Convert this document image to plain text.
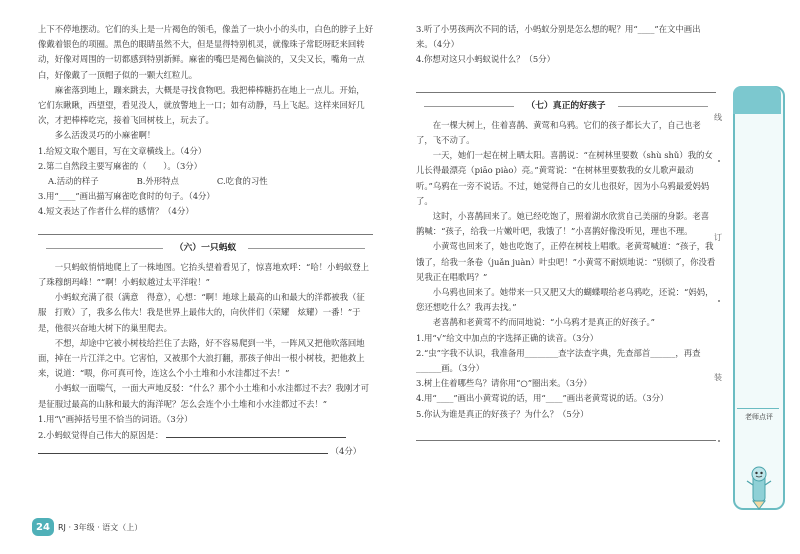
上下不停地摆动。它们的头上是一片褐色的领毛，像盖了一块小小的头巾，白色的脖子上好像戴着银色的项圈。黑色的眼睛虽然不大，但是显得特别机灵，就像珠子常眨呀眨来回转动，好像对周围的一切都感到特别新鲜。麻雀的嘴巴是褐色偏淡的，又尖又长，嘴角一点白，好像戴了一顶帽子似的一颗大红粒儿。

麻雀落到地上，蹦来跳去，大概是寻找食物吧。我把棒棒糖扔在地上一点儿。开始，它们东瞅瞅，西望望，看见没人，就放警地上一口；如有动静，马上飞起。这样来回好几次，才把棒棒吃完，接着飞回树枝上，玩去了。

多么活泼灵巧的小麻雀啊！

1.给短文取个题目，写在文章横线上。（4分）

2.第二自然段主要写麻雀的（　　）。（3分）

A.活动的样子	B.外形特点	C.吃食的习性

3.用“____”画出描写麻雀吃食时的句子。（4分）

4.短文表达了作者什么样的感情？（4分）

（六）一只蚂蚁

一只蚂蚁悄悄地爬上了一株地图。它抬头望着看见了，惊喜地欢呼：“哈！小蚂蚁登上了珠穆朗玛峰！”“啊！小蚂蚁越过太平洋啦！”

小蚂蚁充满了很（满意　得意），心想：“啊！地球上最高的山和最大的洋都被我（征服　打败）了，我多么伟大！我是世界上最伟大的，向伙伴们（荣耀　炫耀）一番！”于是，他很兴奋地大树下的巢里爬去。

不想，却途中它被小树枝给拦住了去路，好不容易爬到一半，一阵风又把他吹落回地面，掉在一片江洋之中。它害怕，又被那个大浪打翻，那孩子伸出一根小树枝，把他救上来，说道：“喂，你可真可怜，连这么个小土堆和小水洼都过不去！”

小蚂蚁一面喘气，一面大声地反驳：“什么？那个小土堆和小水洼都过不去？我刚才可是征服过最高的山脉和最大的海洋呢？怎么会连个小土堆和小水洼都过不去！”

1.用“\”画掉括号里不恰当的词语。（3分）

2.小蚂蚁觉得自己伟大的原因是：

（4分）

24	RJ · 3年级 · 语文（上）

3.听了小男孩两次不同的话，小蚂蚁分别是怎么想的呢？用“____”在文中画出来。（4分）

4.你想对这只小蚂蚁说什么？（5分）

（七）真正的好孩子

在一棵大树上，住着喜鹊、黄莺和乌鸦。它们的孩子都长大了，自己也老了，飞不动了。

一天，她们一起在树上晒太阳。喜鹊说：“在树林里要数（shù shǔ）我的女儿长得最漂亮（piāo piào）亮。”黄莺说：“在树林里要数我的女儿歌声最动听。”乌鸦在一旁不说话。不过，她觉得自己的女儿也很好，因为小乌鸦最爱妈妈了。

这时，小喜鹊回来了。她已经吃饱了，照着湖水欣赏自己美丽的身影。老喜鹊喊：“孩子，给我一片嫩叶吧，我饿了！”小喜鹊好像没听见，理也不理。

小黄莺也回来了，她也吃饱了，正停在树枝上唱歌。老黄莺喊道：“孩子，我饿了，给我一条卷（juǎn juàn）叶虫吧！”小黄莺不耐烦地说：“别烦了，你没看见我正在唱歌吗？”

小乌鸦也回来了。她带来一只又肥又大的蝴蝶喂给老乌鸦吃，还说：“妈妈，您还想吃什么？我再去找。”

老喜鹊和老黄莺不约而同地说：“小乌鸦才是真正的好孩子。”

1.用“√”给文中加点的字选择正确的读音。（3分）

2.“虫”字我不认识，我准备用________查字法查字典，先查部首______，再查______画。（3分）

3.树上住着哪些鸟？请你用“○”圈出来。（3分）

4.用“____”画出小黄莺说的话，用“____”画出老黄莺说的话。（3分）

5.你认为谁是真正的好孩子？为什么？（5分）

线
订
装
老师点评
